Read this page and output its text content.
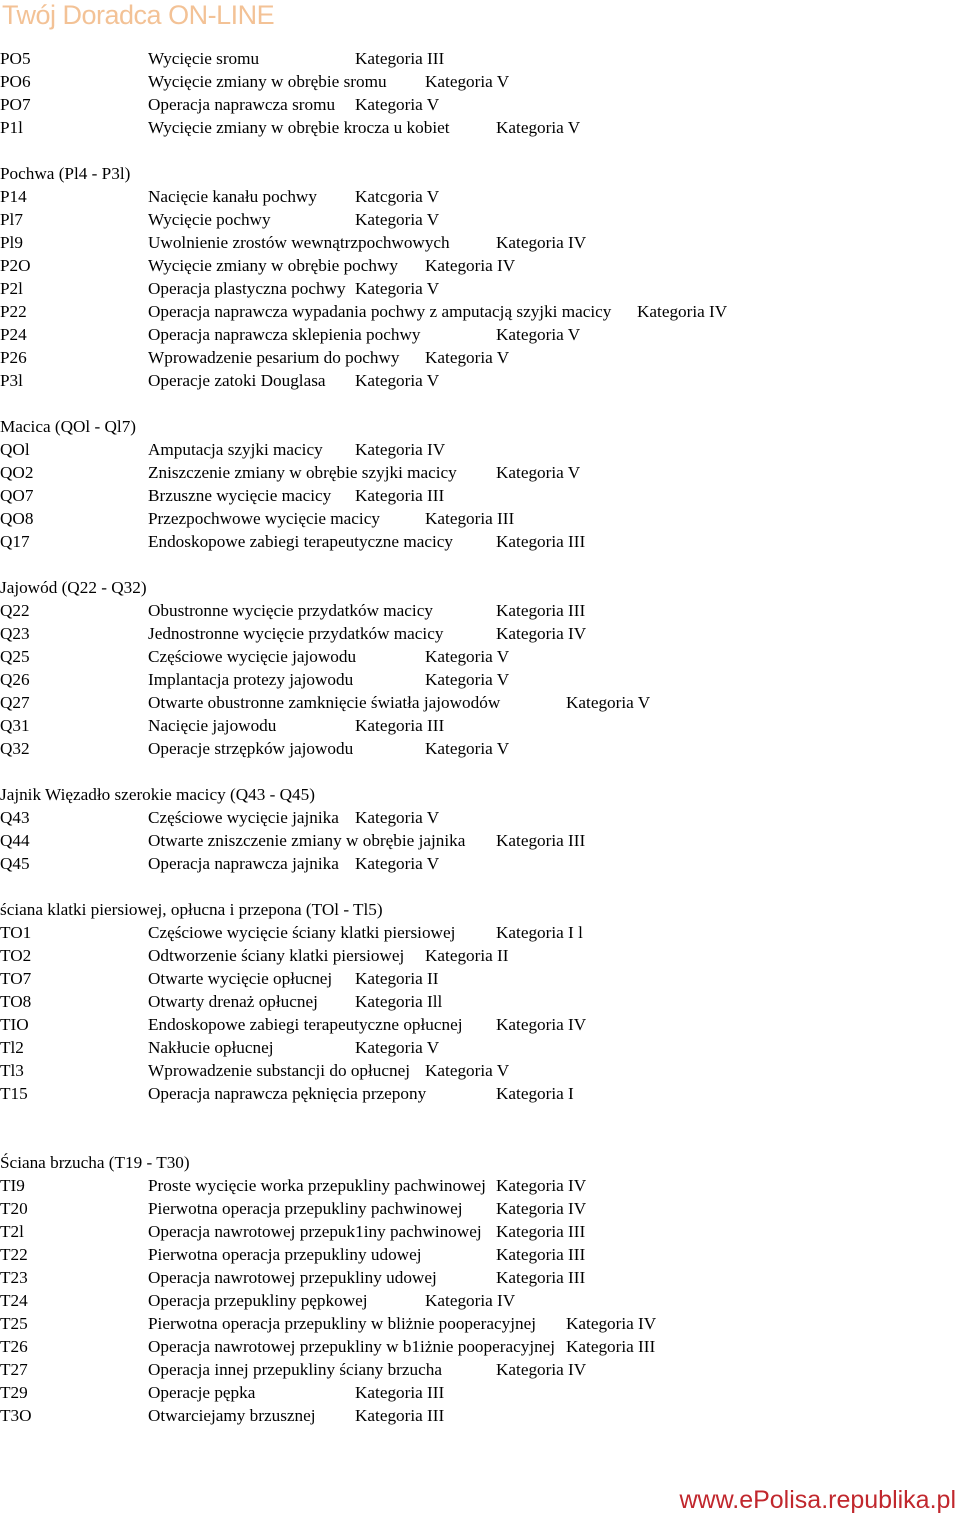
Twój Doradca ON-LINE
PO5	Wycięcie sromu	Kategoria III
PO6	Wycięcie zmiany w obrębie sromu Kategoria V
PO7	Operacja naprawcza sromu Kategoria V
P1l	Wycięcie zmiany w obrębie krocza u kobiet	Kategoria V
Pochwa (Pl4 - P3l)
P14	Nacięcie kanału pochwy Katcgoria V
Pl7	Wycięcie pochwy	Kategoria V
Pl9	Uwolnienie zrostów wewnątrzpochwowych	Kategoria IV
P2O	Wycięcie zmiany w obrębie pochwy Kategoria IV
P2l	Operacja plastyczna pochwy Kategoria V
P22	Operacja naprawcza wypadania pochwy z amputacją szyjki macicy Kategoria IV
P24	Operacja naprawcza sklepienia pochwy	Kategoria V
P26	Wprowadzenie pesarium do pochwy Kategoria V
P3l	Operacje zatoki Douglasa Kategoria V
Macica (QOl - Ql7)
QOl	Amputacja szyjki macicy Kategoria IV
QO2	Zniszczenie zmiany w obrębie szyjki macicy Kategoria V
QO7	Brzuszne wycięcie macicy Kategoria III
QO8	Przezpochwowe wycięcie macicy	Kategoria III
Q17	Endoskopowe zabiegi terapeutyczne macicy	Kategoria III
Jajowód (Q22 - Q32)
Q22	Obustronne wycięcie przydatków macicy	Kategoria III
Q23	Jednostronne wycięcie przydatków macicy	Kategoria IV
Q25	Częściowe wycięcie jajowodu	Kategoria V
Q26	Implantacja protezy jajowodu	Kategoria V
Q27	Otwarte obustronne zamknięcie światła jajowodów	Kategoria V
Q31	Nacięcie jajowodu	Kategoria III
Q32	Operacje strzępków jajowodu	Kategoria V
Jajnik Więzadło szerokie macicy (Q43 - Q45)
Q43	Częściowe wycięcie jajnika Kategoria V
Q44	Otwarte zniszczenie zmiany w obrębie jajnika Kategoria III
Q45	Operacja naprawcza jajnika Kategoria V
ściana klatki piersiowej, opłucna i przepona (TOl - Tl5)
TO1	Częściowe wycięcie ściany klatki piersiowej Kategoria I l
TO2	Odtworzenie ściany klatki piersiowej Kategoria II
TO7	Otwarte wycięcie opłucnej Kategoria II
TO8	Otwarty drenaż opłucnej Kategoria Ill
TIO	Endoskopowe zabiegi terapeutyczne opłucnej Kategoria IV
Tl2	Nakłucie opłucnej	Kategoria V
Tl3	Wprowadzenie substancji do opłucnej Kategoria V
T15	Operacja naprawcza pęknięcia przepony	Kategoria I
Ściana brzucha (T19 - T30)
TI9	Proste wycięcie worka przepukliny pachwinowej Kategoria IV
T20	Pierwotna operacja przepukliny pachwinowej Kategoria IV
T2l	Operacja nawrotowej przepuk1iny pachwinowej Kategoria III
T22	Pierwotna operacja przepukliny udowej	Kategoria III
T23	Operacja nawrotowej przepukliny udowej	Kategoria III
T24	Operacja przepukliny pępkowej	Kategoria IV
T25	Pierwotna operacja przepukliny w bliżnie pooperacyjnej Kategoria IV
T26	Operacja nawrotowej przepukliny w b1iżnie pooperacyjnej Kategoria III
T27	Operacja innej przepukliny ściany brzucha	Kategoria IV
T29	Operacje pępka	Kategoria III
T3O	Otwarciejamy brzusznej Kategoria III
www.ePolisa.republika.pl
